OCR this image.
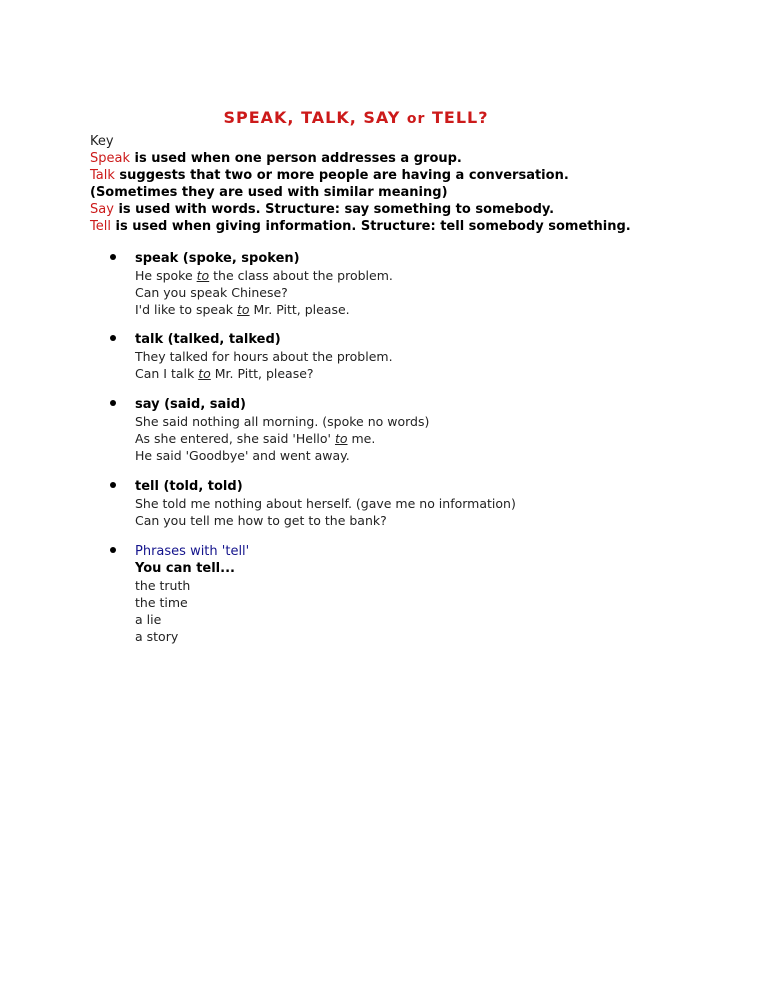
SPEAK, TALK, SAY or TELL?
Key
Speak is used when one person addresses a group.
Talk suggests that two or more people are having a conversation.
(Sometimes they are used with similar meaning)
Say is used with words. Structure: say something to somebody.
Tell is used when giving information. Structure: tell somebody something.
speak (spoke, spoken)
He spoke to the class about the problem.
Can you speak Chinese?
I'd like to speak to Mr. Pitt, please.
talk (talked, talked)
They talked for hours about the problem.
Can I talk to Mr. Pitt, please?
say (said, said)
She said nothing all morning. (spoke no words)
As she entered, she said 'Hello' to me.
He said 'Goodbye' and went away.
tell (told, told)
She told me nothing about herself. (gave me no information)
Can you tell me how to get to the bank?
Phrases with 'tell'
You can tell...
the truth
the time
a lie
a story
